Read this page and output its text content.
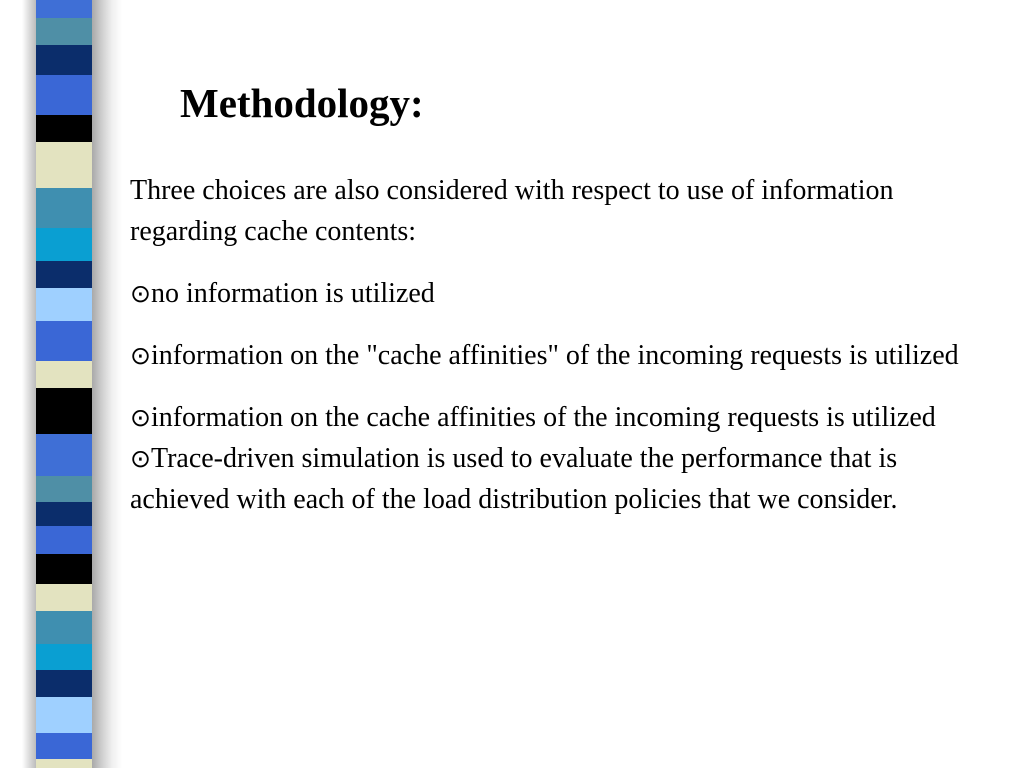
Methodology:

Three choices are also considered with respect to use of information regarding cache contents:

⊙no information is utilized

⊙information on the "cache affinities" of the incoming requests is utilized

⊙information on the cache affinities of the incoming requests is utilized

⊙Trace-driven simulation is used to evaluate the performance that is achieved with each of the load distribution policies that we consider.
